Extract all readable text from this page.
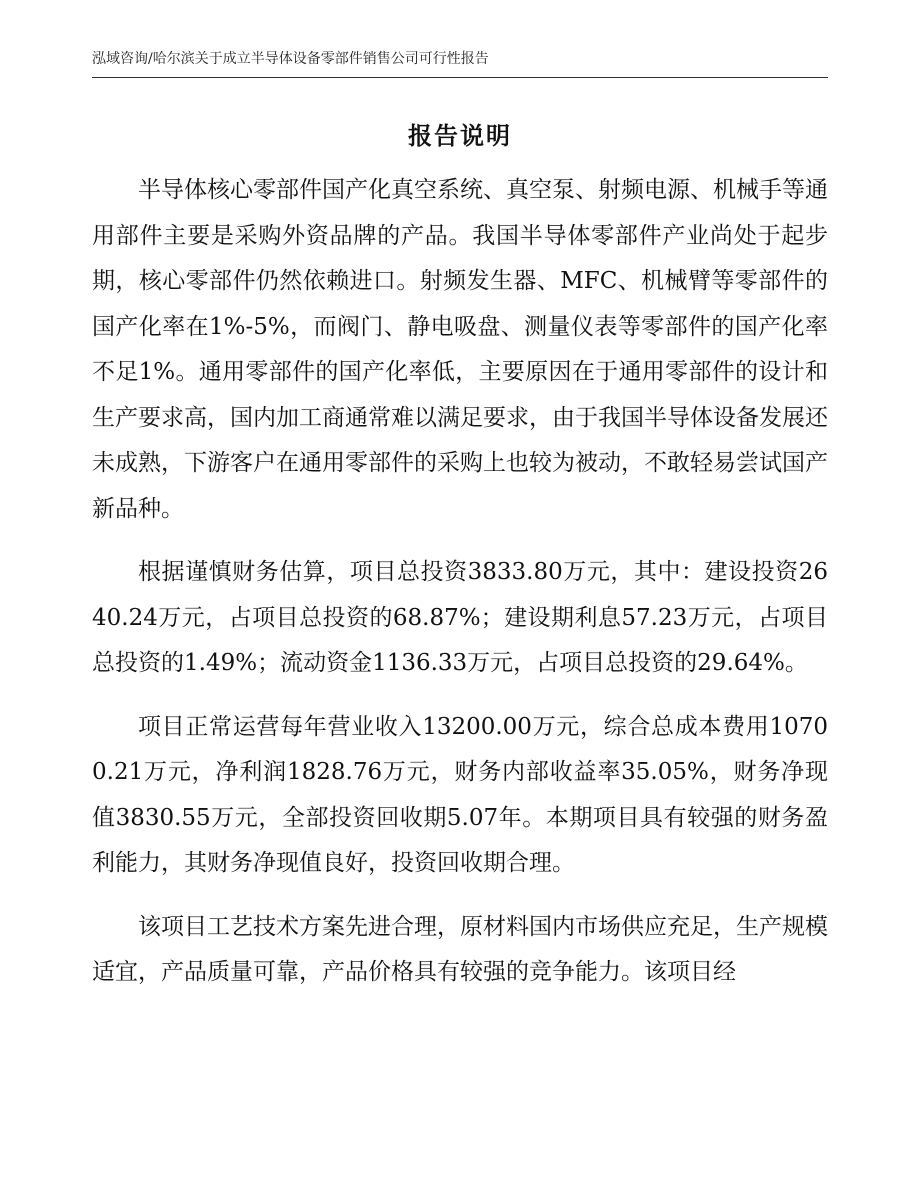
泓域咨询/哈尔滨关于成立半导体设备零部件销售公司可行性报告
报告说明

半导体核心零部件国产化真空系统、真空泵、射频电源、机械手等通用部件主要是采购外资品牌的产品。我国半导体零部件产业尚处于起步期，核心零部件仍然依赖进口。射频发生器、MFC、机械臂等零部件的国产化率在1%-5%，而阀门、静电吸盘、测量仪表等零部件的国产化率不足1%。通用零部件的国产化率低，主要原因在于通用零部件的设计和生产要求高，国内加工商通常难以满足要求，由于我国半导体设备发展还未成熟，下游客户在通用零部件的采购上也较为被动，不敢轻易尝试国产新品种。

根据谨慎财务估算，项目总投资3833.80万元，其中：建设投资2640.24万元，占项目总投资的68.87%；建设期利息57.23万元，占项目总投资的1.49%；流动资金1136.33万元，占项目总投资的29.64%。

项目正常运营每年营业收入13200.00万元，综合总成本费用10700.21万元，净利润1828.76万元，财务内部收益率35.05%，财务净现值3830.55万元，全部投资回收期5.07年。本期项目具有较强的财务盈利能力，其财务净现值良好，投资回收期合理。

该项目工艺技术方案先进合理，原材料国内市场供应充足，生产规模适宜，产品质量可靠，产品价格具有较强的竞争能力。该项目经
